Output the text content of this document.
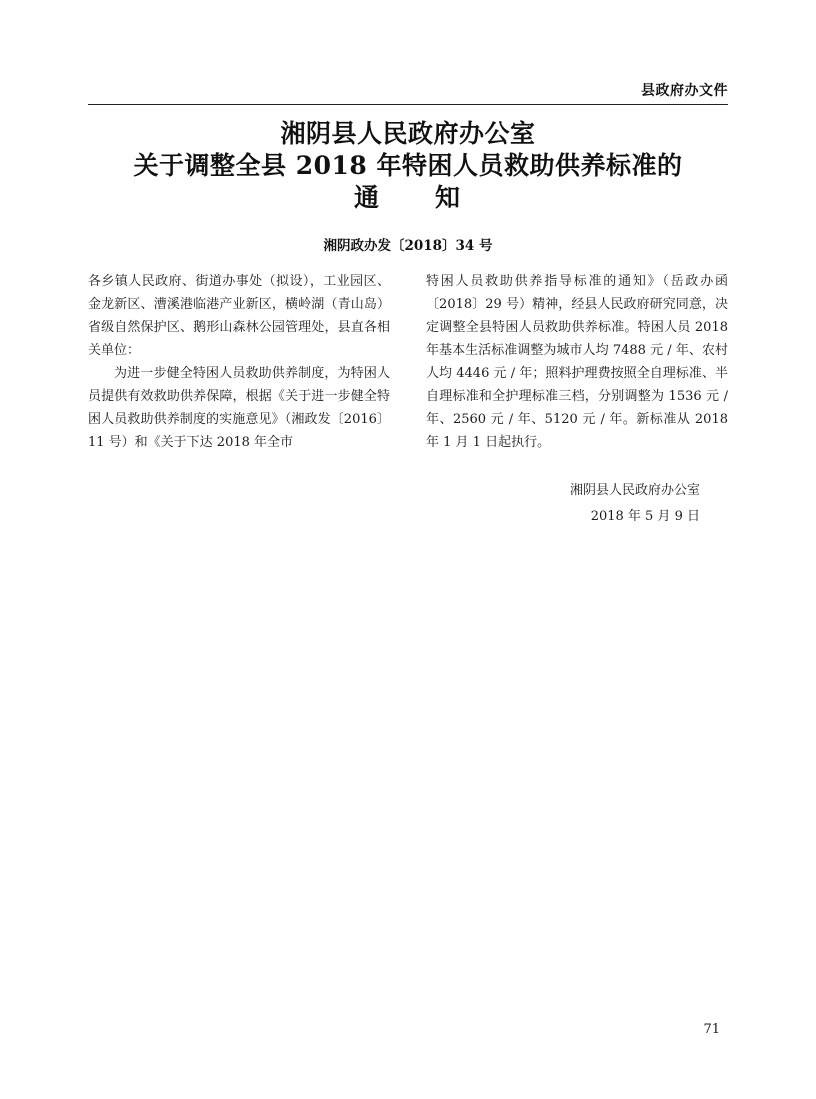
县政府办文件
湘阴县人民政府办公室
关于调整全县 2018 年特困人员救助供养标准的
通　　知
湘阴政办发〔2018〕34 号

各乡镇人民政府、街道办事处（拟设），工业园区、金龙新区、漕溪港临港产业新区，横岭湖（青山岛）省级自然保护区、鹅形山森林公园管理处，县直各相关单位：

为进一步健全特困人员救助供养制度，为特困人员提供有效救助供养保障，根据《关于进一步健全特困人员救助供养制度的实施意见》（湘政发〔2016〕11 号）和《关于下达 2018 年全市

特困人员救助供养指导标准的通知》（岳政办函〔2018〕29 号）精神，经县人民政府研究同意，决定调整全县特困人员救助供养标准。特困人员 2018 年基本生活标准调整为城市人均 7488 元 / 年、农村人均 4446 元 / 年；照料护理费按照全自理标准、半自理标准和全护理标准三档，分别调整为 1536 元 / 年、2560 元 / 年、5120 元 / 年。新标准从 2018 年 1 月 1 日起执行。

湘阴县人民政府办公室
2018 年 5 月 9 日
71
